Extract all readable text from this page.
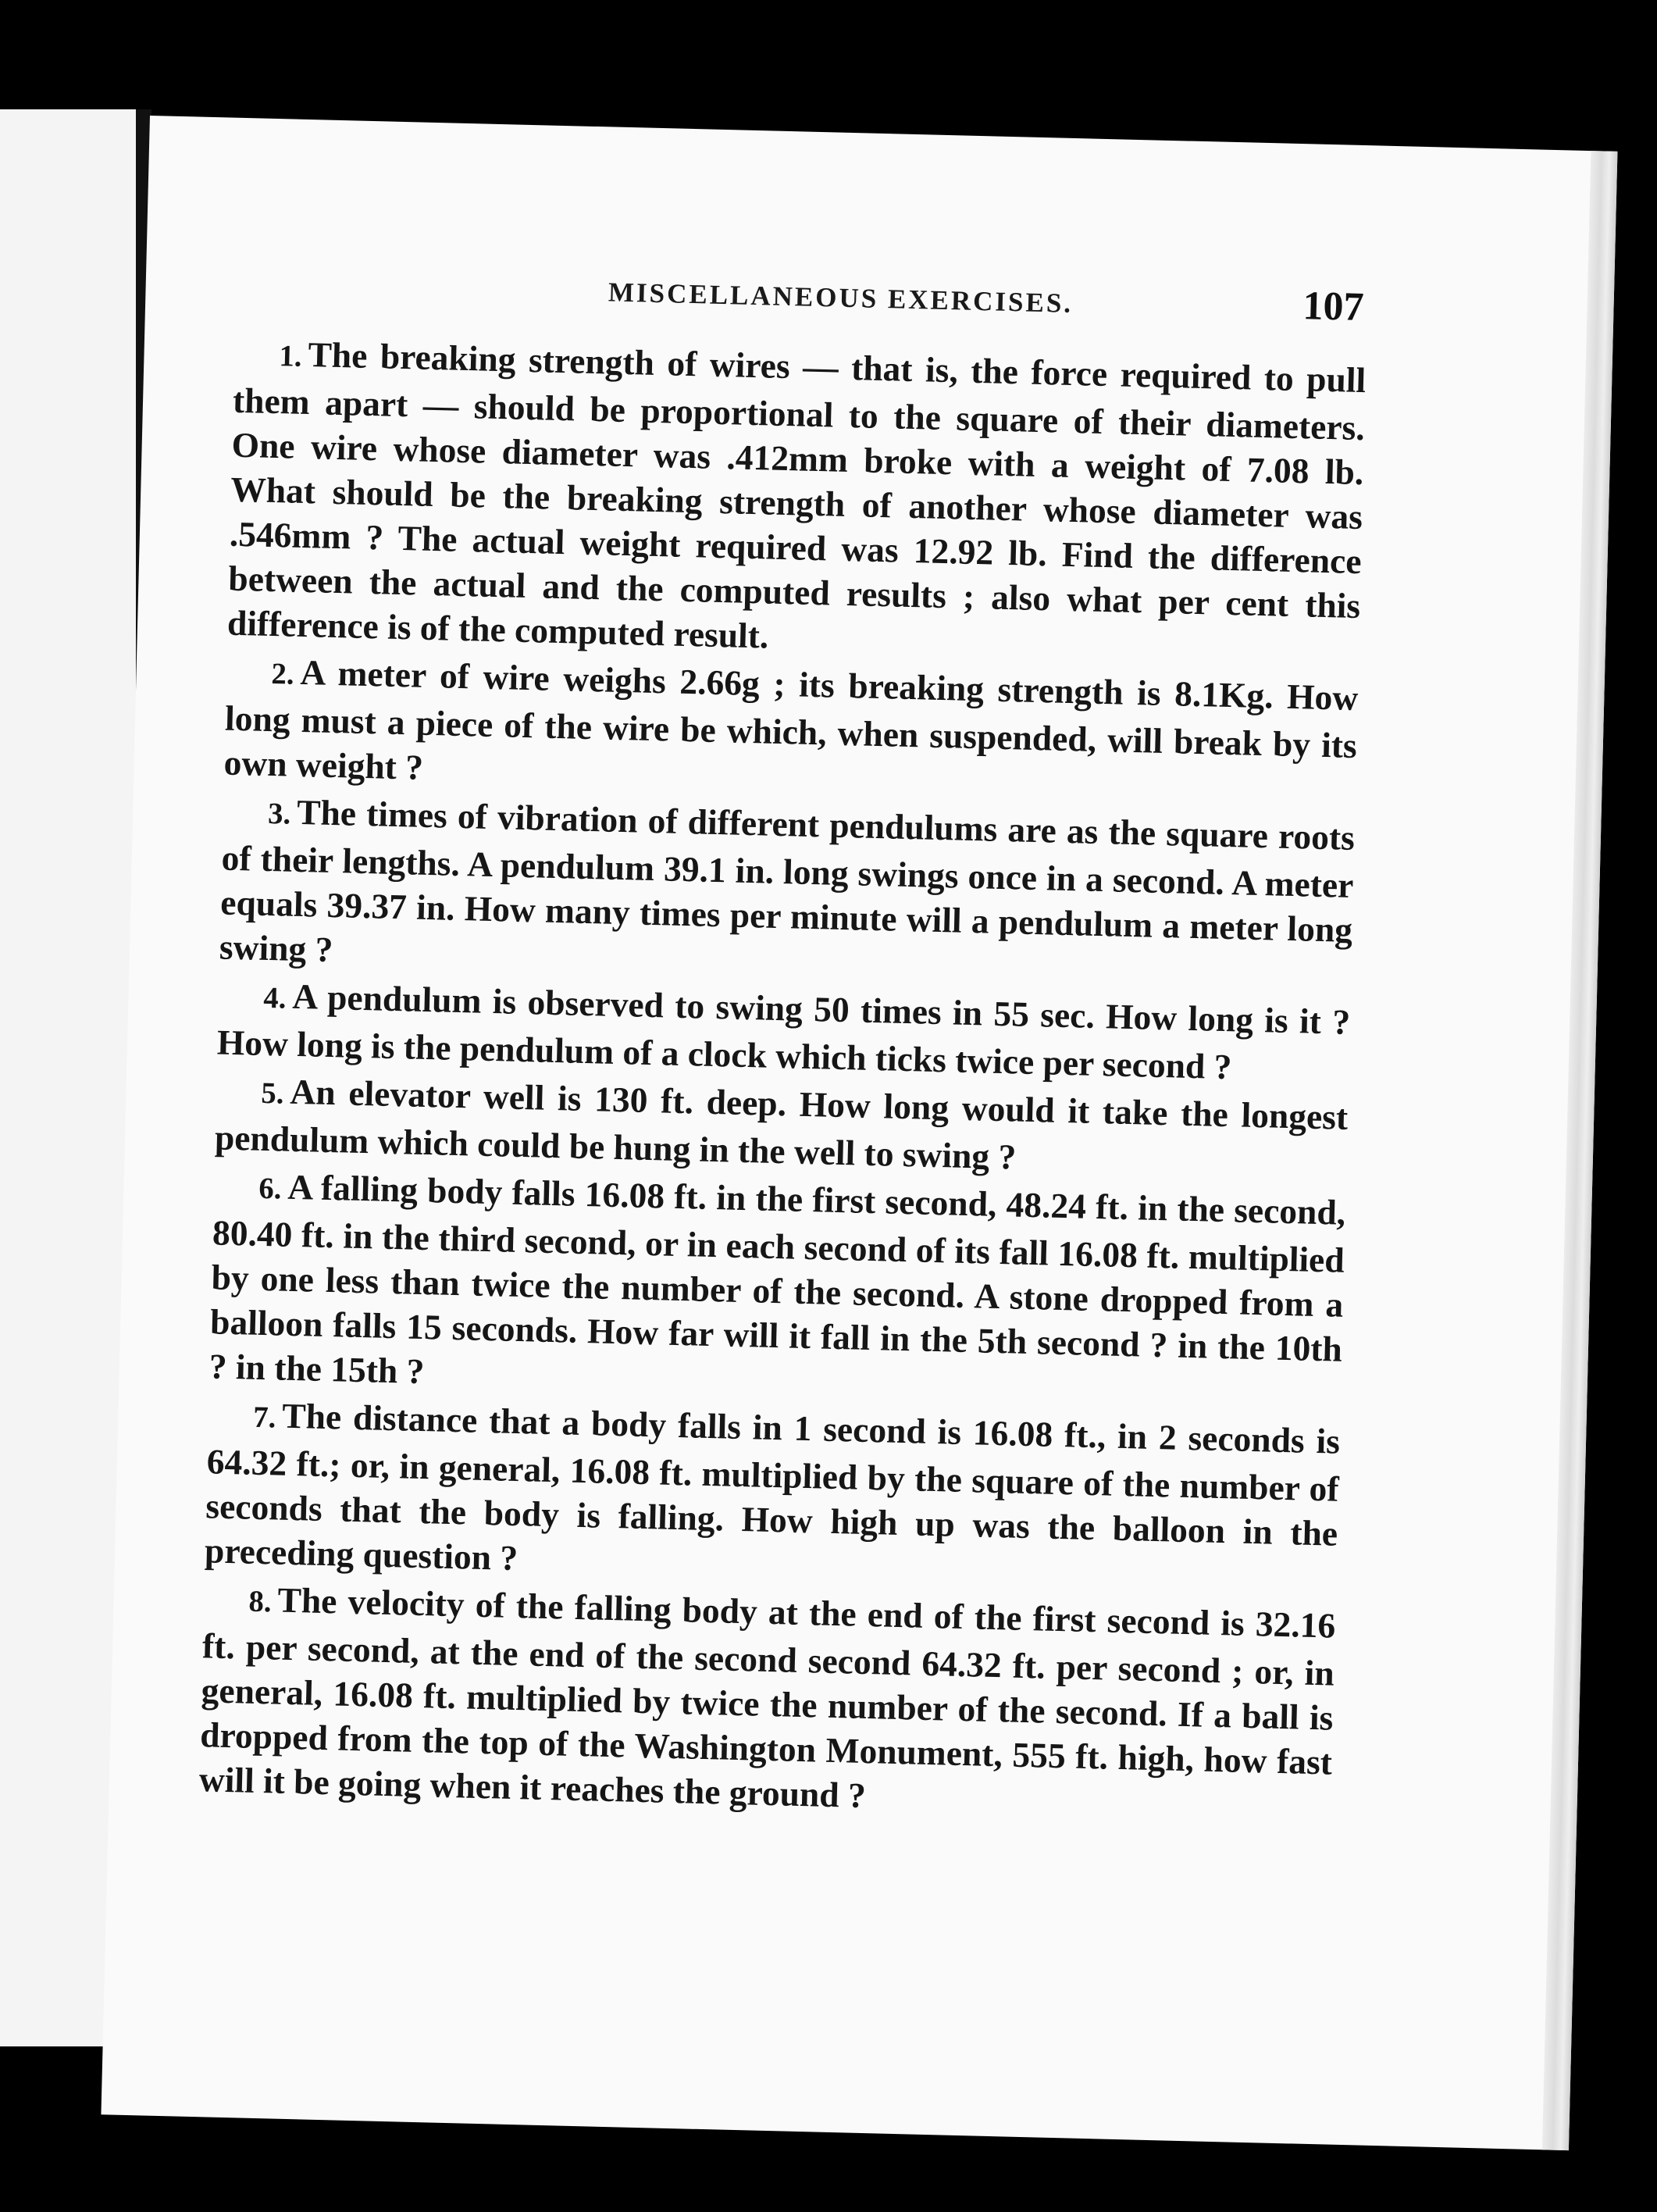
MISCELLANEOUS EXERCISES.	107
1. The breaking strength of wires — that is, the force required to pull them apart — should be proportional to the square of their diameters. One wire whose diameter was .412mm broke with a weight of 7.08 lb. What should be the breaking strength of another whose diameter was .546mm ? The actual weight required was 12.92 lb. Find the difference between the actual and the computed results ; also what per cent this difference is of the computed result.
2. A meter of wire weighs 2.66g ; its breaking strength is 8.1Kg. How long must a piece of the wire be which, when suspended, will break by its own weight ?
3. The times of vibration of different pendulums are as the square roots of their lengths. A pendulum 39.1 in. long swings once in a second. A meter equals 39.37 in. How many times per minute will a pendulum a meter long swing ?
4. A pendulum is observed to swing 50 times in 55 sec. How long is it ? How long is the pendulum of a clock which ticks twice per second ?
5. An elevator well is 130 ft. deep. How long would it take the longest pendulum which could be hung in the well to swing ?
6. A falling body falls 16.08 ft. in the first second, 48.24 ft. in the second, 80.40 ft. in the third second, or in each second of its fall 16.08 ft. multiplied by one less than twice the number of the second. A stone dropped from a balloon falls 15 seconds. How far will it fall in the 5th second ? in the 10th ? in the 15th ?
7. The distance that a body falls in 1 second is 16.08 ft., in 2 seconds is 64.32 ft.; or, in general, 16.08 ft. multiplied by the square of the number of seconds that the body is falling. How high up was the balloon in the preceding question ?
8. The velocity of the falling body at the end of the first second is 32.16 ft. per second, at the end of the second second 64.32 ft. per second ; or, in general, 16.08 ft. multiplied by twice the number of the second. If a ball is dropped from the top of the Washington Monument, 555 ft. high, how fast will it be going when it reaches the ground ?
